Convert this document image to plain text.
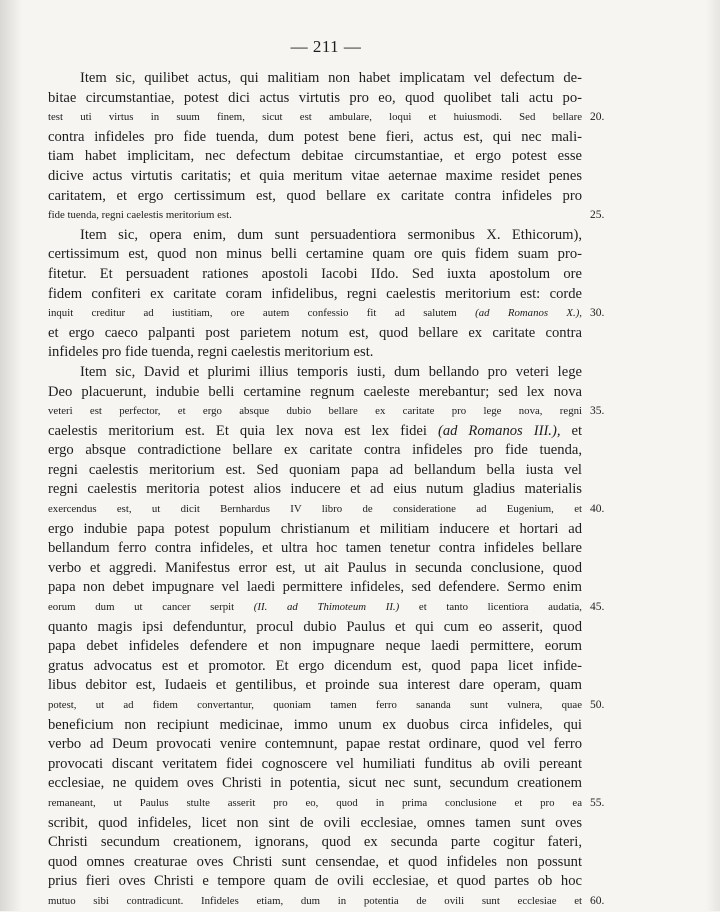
— 211 —
Item sic, quilibet actus, qui malitiam non habet implicatam vel defectum de-
bitae circumstantiae, potest dici actus virtutis pro eo, quod quolibet tali actu po-
test uti virtus in suum finem, sicut est ambulare, loqui et huiusmodi. Sed bellare 20.
contra infideles pro fide tuenda, dum potest bene fieri, actus est, qui nec mali-
tiam habet implicitam, nec defectum debitae circumstantiae, et ergo potest esse
dicive actus virtutis caritatis; et quia meritum vitae aeternae maxime residet penes
caritatem, et ergo certissimum est, quod bellare ex caritate contra infideles pro
fide tuenda, regni caelestis meritorium est.	25.
Item sic, opera enim, dum sunt persuadentiora sermonibus X. Ethicorum),
certissimum est, quod non minus belli certamine quam ore quis fidem suam pro-
fitetur. Et persuadent rationes apostoli Iacobi IIdo. Sed iuxta apostolum ore
fidem confiteri ex caritate coram infidelibus, regni caelestis meritorium est: corde
inquit creditur ad iustitiam, ore autem confessio fit ad salutem (ad Romanos X.), 30.
et ergo caeco palpanti post parietem notum est, quod bellare ex caritate contra
infideles pro fide tuenda, regni caelestis meritorium est.
Item sic, David et plurimi illius temporis iusti, dum bellando pro veteri lege
Deo placuerunt, indubie belli certamine regnum caeleste merebantur; sed lex nova
veteri est perfector, et ergo absque dubio bellare ex caritate pro lege nova, regni 35.
caelestis meritorium est. Et quia lex nova est lex fidei (ad Romanos III.), et
ergo absque contradictione bellare ex caritate contra infideles pro fide tuenda,
regni caelestis meritorium est. Sed quoniam papa ad bellandum bella iusta vel
regni caelestis meritoria potest alios inducere et ad eius nutum gladius materialis
exercendus est, ut dicit Bernhardus IV libro de consideratione ad Eugenium, et 40.
ergo indubie papa potest populum christianum et militiam inducere et hortari ad
bellandum ferro contra infideles, et ultra hoc tamen tenetur contra infideles bellare
verbo et aggredi. Manifestus error est, ut ait Paulus in secunda conclusione, quod
papa non debet impugnare vel laedi permittere infideles, sed defendere. Sermo enim
eorum dum ut cancer serpit (II. ad Thimoteum II.) et tanto licentiora audatia, 45.
quanto magis ipsi defenduntur, procul dubio Paulus et qui cum eo asserit, quod
papa debet infideles defendere et non impugnare neque laedi permittere, eorum
gratus advocatus est et promotor. Et ergo dicendum est, quod papa licet infide-
libus debitor est, Iudaeis et gentilibus, et proinde sua interest dare operam, quam
potest, ut ad fidem convertantur, quoniam tamen ferro sananda sunt vulnera, quae 50.
beneficium non recipiunt medicinae, immo unum ex duobus circa infideles, qui
verbo ad Deum provocati venire contemnunt, papae restat ordinare, quod vel ferro
provocati discant veritatem fidei cognoscere vel humiliati funditus ab ovili pereant
ecclesiae, ne quidem oves Christi in potentia, sicut nec sunt, secundum creationem
remaneant, ut Paulus stulte asserit pro eo, quod in prima conclusione et pro ea 55.
scribit, quod infideles, licet non sint de ovili ecclesiae, omnes tamen sunt oves
Christi secundum creationem, ignorans, quod ex secunda parte cogitur fateri,
quod omnes creaturae oves Christi sunt censendae, et quod infideles non possunt
prius fieri oves Christi e tempore quam de ovili ecclesiae, et quod partes ob hoc
mutuo sibi contradicunt. Infideles etiam, dum in potentia de ovili sunt ecclesiae et 60.
